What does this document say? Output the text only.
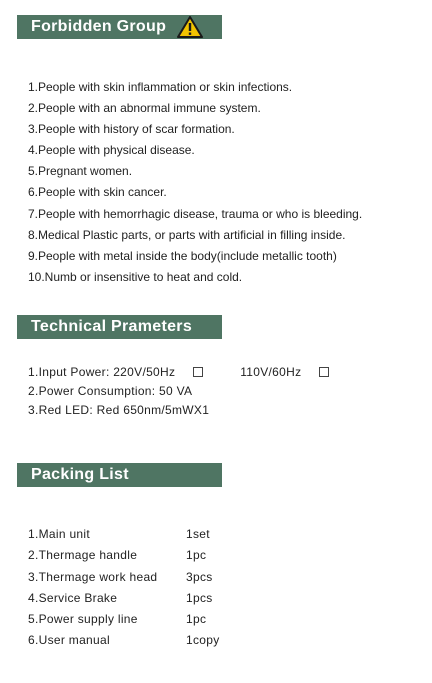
Forbidden Group
1.People with skin inflammation or skin infections.
2.People with an abnormal immune system.
3.People with history of scar formation.
4.People with physical disease.
5.Pregnant women.
6.People with skin cancer.
7.People with hemorrhagic disease, trauma or who is bleeding.
8.Medical Plastic parts, or parts with artificial in filling inside.
9.People with metal inside the body(include metallic tooth)
10.Numb or insensitive to heat and cold.
Technical Prameters
1.Input Power: 220V/50Hz	110V/60Hz
2.Power Consumption: 50 VA
3.Red LED: Red 650nm/5mWX1
Packing List
1.Main unit	1set
2.Thermage handle	1pc
3.Thermage work head 3pcs
4.Service Brake	1pcs
5.Power supply line	1pc
6.User manual	1copy
